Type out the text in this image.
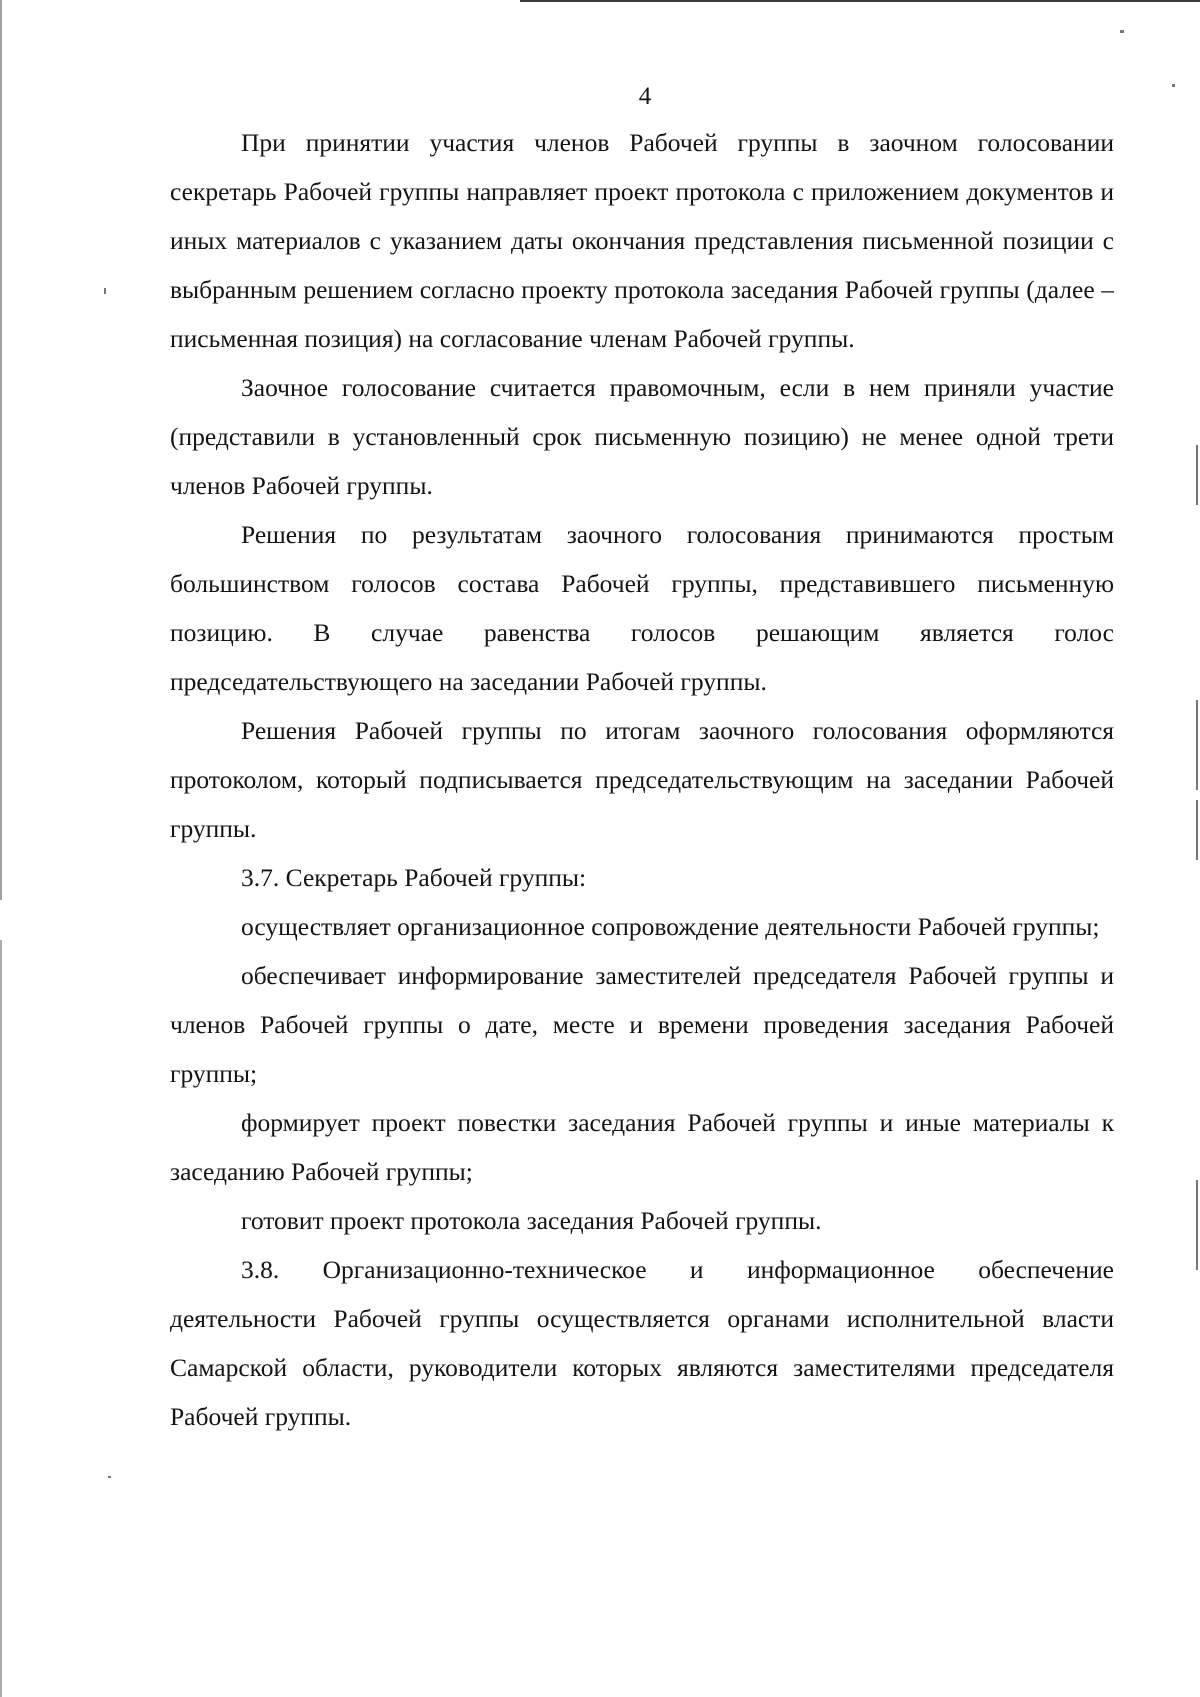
4

При принятии участия членов Рабочей группы в заочном голосовании секретарь Рабочей группы направляет проект протокола с приложением документов и иных материалов с указанием даты окончания представления письменной позиции с выбранным решением согласно проекту протокола заседания Рабочей группы (далее – письменная позиция) на согласование членам Рабочей группы.

Заочное голосование считается правомочным, если в нем приняли участие (представили в установленный срок письменную позицию) не менее одной трети членов Рабочей группы.

Решения по результатам заочного голосования принимаются простым большинством голосов состава Рабочей группы, представившего письменную позицию. В случае равенства голосов решающим является голос председательствующего на заседании Рабочей группы.

Решения Рабочей группы по итогам заочного голосования оформляются протоколом, который подписывается председательствующим на заседании Рабочей группы.

3.7. Секретарь Рабочей группы:

осуществляет организационное сопровождение деятельности Рабочей группы;

обеспечивает информирование заместителей председателя Рабочей группы и членов Рабочей группы о дате, месте и времени проведения заседания Рабочей группы;

формирует проект повестки заседания Рабочей группы и иные материалы к заседанию Рабочей группы;

готовит проект протокола заседания Рабочей группы.

3.8. Организационно-техническое и информационное обеспечение деятельности Рабочей группы осуществляется органами исполнительной власти Самарской области, руководители которых являются заместителями председателя Рабочей группы.
